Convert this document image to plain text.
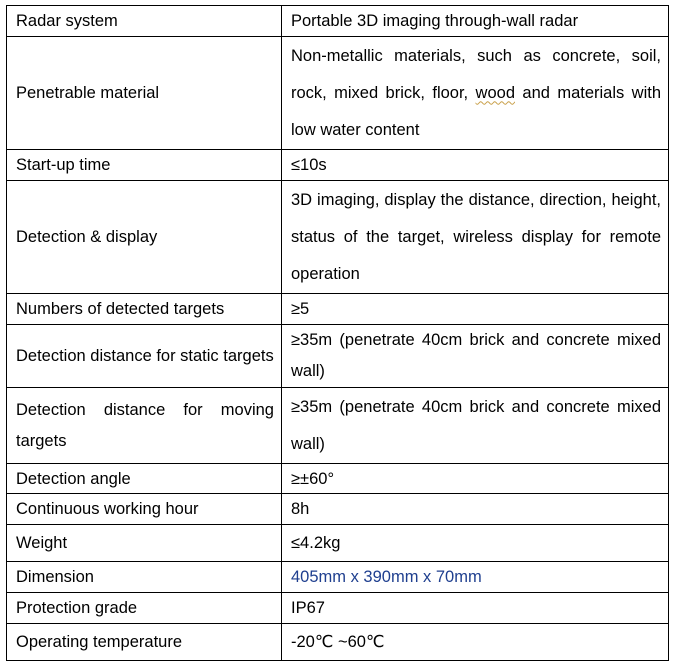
Radar system	Portable 3D imaging through-wall radar
Penetrable material	Non-metallic materials, such as concrete, soil, rock, mixed brick, floor, wood and materials with low water content
Start-up time	≤10s
Detection & display	3D imaging, display the distance, direction, height, status of the target, wireless display for remote operation
Numbers of detected targets	≥5
Detection distance for static targets	≥35m (penetrate 40cm brick and concrete mixed wall)
Detection distance for moving targets	≥35m (penetrate 40cm brick and concrete mixed wall)
Detection angle	≥±60°
Continuous working hour	8h
Weight	≤4.2kg
Dimension	405mm x 390mm x 70mm
Protection grade	IP67
Operating temperature	-20℃ ~60℃
